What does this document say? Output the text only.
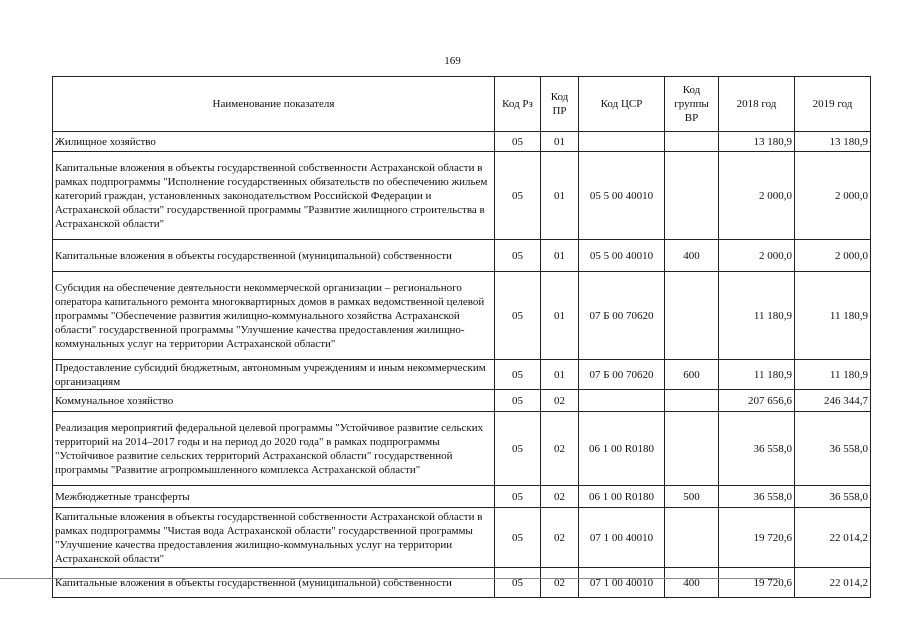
169
Наименование показателя	Код Рз	Код ПР	Код ЦСР	Код группы ВР	2018 год	2019 год
Жилищное хозяйство	05	01			13 180,9	13 180,9
Капитальные вложения в объекты государственной собственности Астраханской области в рамках подпрограммы "Исполнение государственных обязательств по обеспечению жильем категорий граждан, установленных законодательством Российской Федерации и Астраханской области" государственной программы "Развитие жилищного строительства в Астраханской области"	05	01	05 5 00 40010		2 000,0	2 000,0
Капитальные вложения в объекты государственной (муниципальной) собственности	05	01	05 5 00 40010	400	2 000,0	2 000,0
Субсидия на обеспечение деятельности некоммерческой организации – регионального оператора капитального ремонта многоквартирных домов в рамках ведомственной целевой программы "Обеспечение развития жилищно-коммунального хозяйства Астраханской области" государственной программы "Улучшение качества предоставления жилищно-коммунальных услуг на территории Астраханской области"	05	01	07 Б 00 70620		11 180,9	11 180,9
Предоставление субсидий бюджетным, автономным учреждениям и иным некоммерческим организациям	05	01	07 Б 00 70620	600	11 180,9	11 180,9
Коммунальное хозяйство	05	02			207 656,6	246 344,7
Реализация мероприятий федеральной целевой программы "Устойчивое развитие сельских территорий на 2014–2017 годы и на период до 2020 года" в рамках подпрограммы "Устойчивое развитие сельских территорий Астраханской области" государственной программы "Развитие агропромышленного комплекса Астраханской области"	05	02	06 1 00 R0180		36 558,0	36 558,0
Межбюджетные трансферты	05	02	06 1 00 R0180	500	36 558,0	36 558,0
Капитальные вложения в объекты государственной собственности Астраханской области в рамках подпрограммы "Чистая вода Астраханской области" государственной программы "Улучшение качества предоставления жилищно-коммунальных услуг на территории Астраханской области"	05	02	07 1 00 40010		19 720,6	22 014,2
Капитальные вложения в объекты государственной (муниципальной) собственности	05	02	07 1 00 40010	400	19 720,6	22 014,2
